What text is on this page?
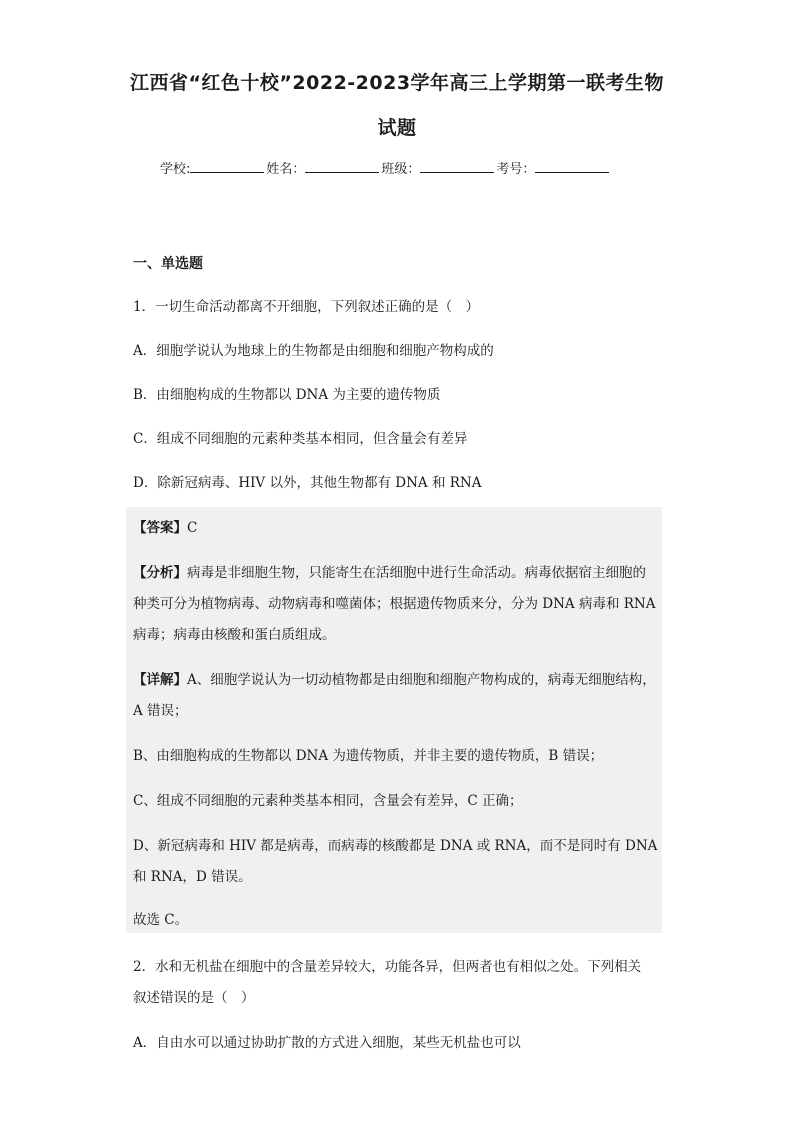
江西省“红色十校”2022-2023学年高三上学期第一联考生物
试题
学校:	姓名：	班级：	考号：
一、单选题
1．一切生命活动都离不开细胞，下列叙述正确的是（　）
A．细胞学说认为地球上的生物都是由细胞和细胞产物构成的
B．由细胞构成的生物都以 DNA 为主要的遗传物质
C．组成不同细胞的元素种类基本相同，但含量会有差异
D．除新冠病毒、HIV 以外，其他生物都有 DNA 和 RNA
【答案】C
【分析】病毒是非细胞生物，只能寄生在活细胞中进行生命活动。病毒依据宿主细胞的
种类可分为植物病毒、动物病毒和噬菌体；根据遗传物质来分，分为 DNA 病毒和 RNA
病毒；病毒由核酸和蛋白质组成。
【详解】A、细胞学说认为一切动植物都是由细胞和细胞产物构成的，病毒无细胞结构，
A 错误；
B、由细胞构成的生物都以 DNA 为遗传物质，并非主要的遗传物质，B 错误；
C、组成不同细胞的元素种类基本相同，含量会有差异，C 正确；
D、新冠病毒和 HIV 都是病毒，而病毒的核酸都是 DNA 或 RNA，而不是同时有 DNA
和 RNA，D 错误。
故选 C。
2．水和无机盐在细胞中的含量差异较大，功能各异，但两者也有相似之处。下列相关
叙述错误的是（　）
A．自由水可以通过协助扩散的方式进入细胞，某些无机盐也可以
